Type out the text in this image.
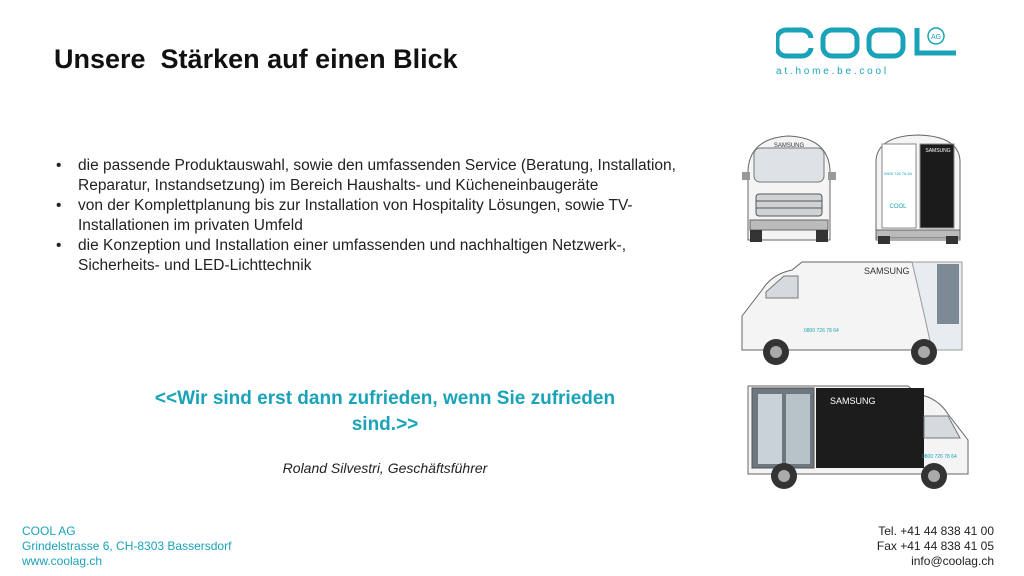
Unsere  Stärken auf einen Blick
AG
a t . h o m e . b e . c o o l
•	die passende Produktauswahl, sowie den umfassenden Service (Beratung, Installation, Reparatur, Instandsetzung) im Bereich Haushalts- und Kücheneinbaugeräte
•	von der Komplettplanung bis zur Installation von Hospitality Lösungen, sowie TV-Installationen im privaten Umfeld
•	die Konzeption und Installation einer umfassenden und nachhaltigen Netzwerk-, Sicherheits- und LED-Lichttechnik
<<Wir sind erst dann zufrieden, wenn Sie zufrieden sind.>>
Roland Silvestri, Geschäftsführer
SAMSUNG
SAMSUNG
0800 726 78 64
COOL
SAMSUNG
0800 726 78 64
SAMSUNG
0800 726 78 64
COOL AG
Grindelstrasse 6, CH-8303 Bassersdorf
www.coolag.ch
Tel. +41 44 838 41 00
Fax +41 44 838 41 05
info@coolag.ch
